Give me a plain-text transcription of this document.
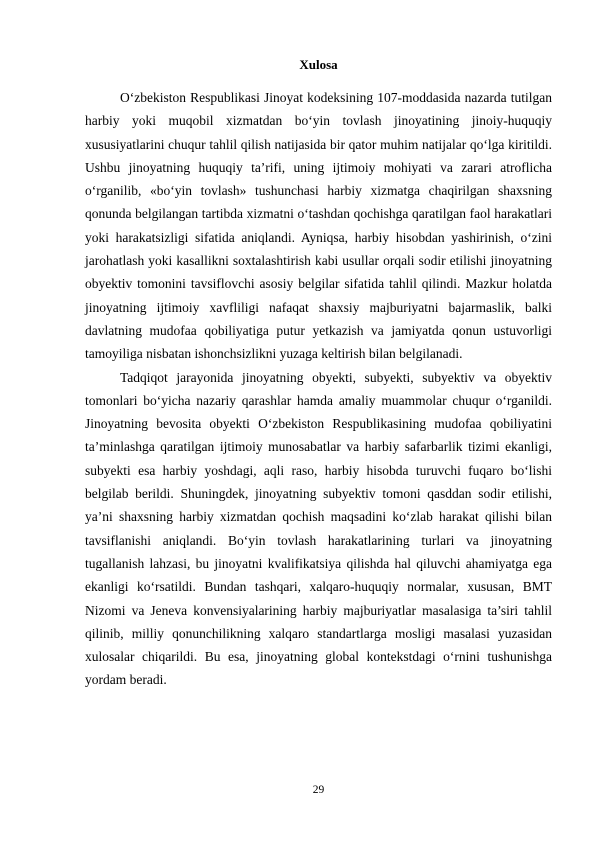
Xulosa

O‘zbekiston Respublikasi Jinoyat kodeksining 107-moddasida nazarda tutilgan harbiy yoki muqobil xizmatdan bo‘yin tovlash jinoyatining jinoiy-huquqiy xususiyatlarini chuqur tahlil qilish natijasida bir qator muhim natijalar qo‘lga kiritildi. Ushbu jinoyatning huquqiy ta’rifi, uning ijtimoiy mohiyati va zarari atroflicha o‘rganilib, «bo‘yin tovlash» tushunchasi harbiy xizmatga chaqirilgan shaxsning qonunda belgilangan tartibda xizmatni o‘tashdan qochishga qaratilgan faol harakatlari yoki harakatsizligi sifatida aniqlandi. Ayniqsa, harbiy hisobdan yashirinish, o‘zini jarohatlash yoki kasallikni soxtalashtirish kabi usullar orqali sodir etilishi jinoyatning obyektiv tomonini tavsiflovchi asosiy belgilar sifatida tahlil qilindi. Mazkur holatda jinoyatning ijtimoiy xavfliligi nafaqat shaxsiy majburiyatni bajarmaslik, balki davlatning mudofaa qobiliyatiga putur yetkazish va jamiyatda qonun ustuvorligi tamoyiliga nisbatan ishonchsizlikni yuzaga keltirish bilan belgilanadi.

Tadqiqot jarayonida jinoyatning obyekti, subyekti, subyektiv va obyektiv tomonlari bo‘yicha nazariy qarashlar hamda amaliy muammolar chuqur o‘rganildi. Jinoyatning bevosita obyekti O‘zbekiston Respublikasining mudofaa qobiliyatini ta’minlashga qaratilgan ijtimoiy munosabatlar va harbiy safarbarlik tizimi ekanligi, subyekti esa harbiy yoshdagi, aqli raso, harbiy hisobda turuvchi fuqaro bo‘lishi belgilab berildi. Shuningdek, jinoyatning subyektiv tomoni qasddan sodir etilishi, ya’ni shaxsning harbiy xizmatdan qochish maqsadini ko‘zlab harakat qilishi bilan tavsiflanishi aniqlandi. Bo‘yin tovlash harakatlarining turlari va jinoyatning tugallanish lahzasi, bu jinoyatni kvalifikatsiya qilishda hal qiluvchi ahamiyatga ega ekanligi ko‘rsatildi. Bundan tashqari, xalqaro-huquqiy normalar, xususan, BMT Nizomi va Jeneva konvensiyalarining harbiy majburiyatlar masalasiga ta’siri tahlil qilinib, milliy qonunchilikning xalqaro standartlarga mosligi masalasi yuzasidan xulosalar chiqarildi. Bu esa, jinoyatning global kontekstdagi o‘rnini tushunishga yordam beradi.

29
